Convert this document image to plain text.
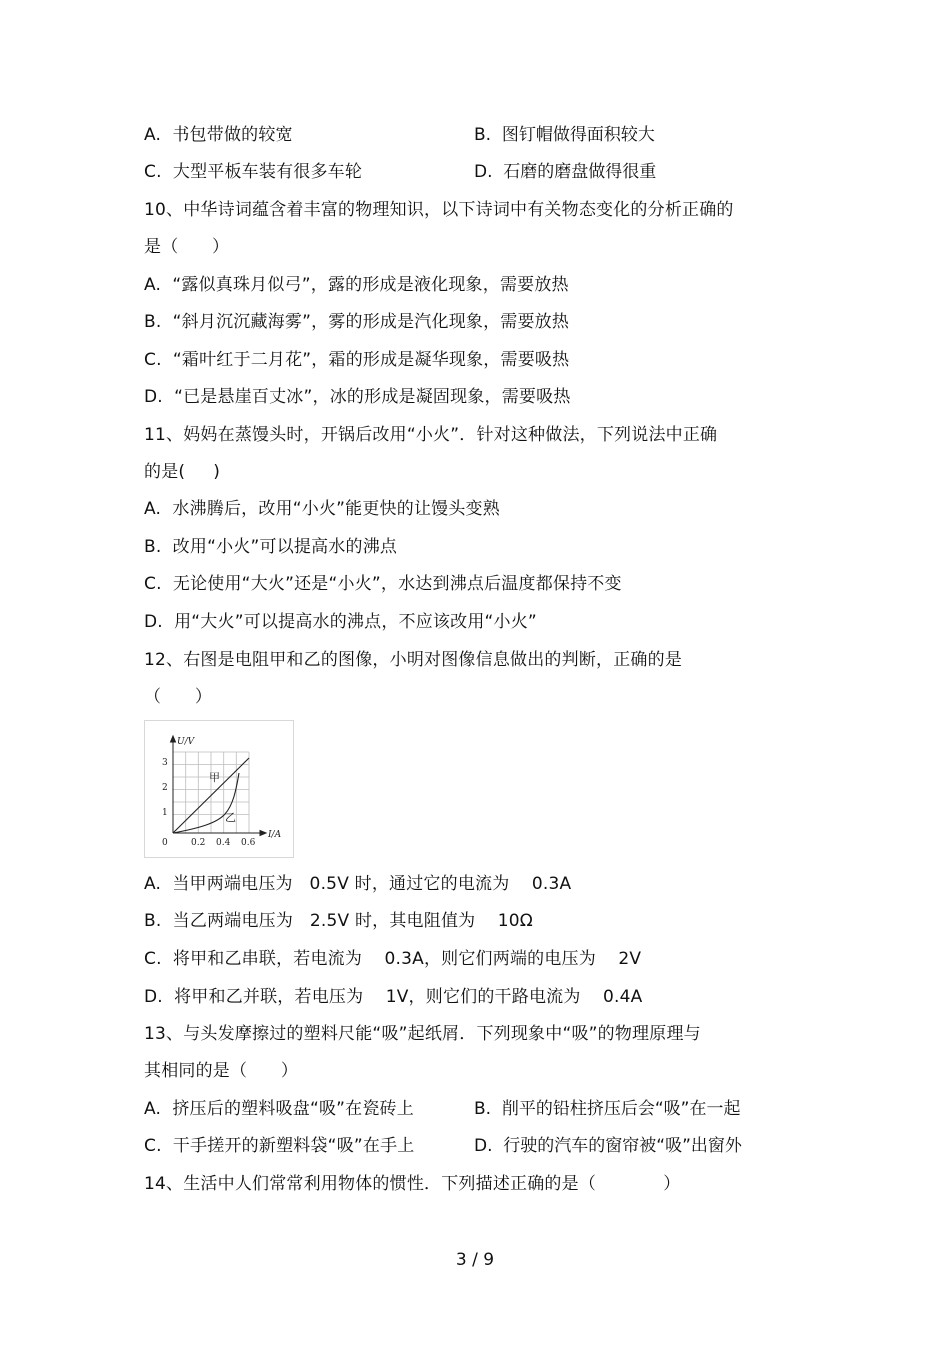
A.  书包带做的较宽	B.  图钉帽做得面积较大
C.  大型平板车装有很多车轮	D.  石磨的磨盘做得很重
10、中华诗词蕴含着丰富的物理知识，以下诗词中有关物态变化的分析正确的
是（      ）
A.  “露似真珠月似弓”，露的形成是液化现象，需要放热
B.  “斜月沉沉藏海雾”，雾的形成是汽化现象，需要放热
C.  “霜叶红于二月花”，霜的形成是凝华现象，需要吸热
D.  “已是悬崖百丈冰”，冰的形成是凝固现象，需要吸热
11、妈妈在蒸馒头时，开锅后改用“小火”．针对这种做法，下列说法中正确
的是(     )
A.  水沸腾后，改用“小火”能更快的让馒头变熟
B.  改用“小火”可以提高水的沸点
C.  无论使用“大火”还是“小火”，水达到沸点后温度都保持不变
D.  用“大火”可以提高水的沸点，不应该改用“小火”
12、右图是电阻甲和乙的图像，小明对图像信息做出的判断，正确的是
（      ）
U/V
I/A
3
2
1
0	0.2 0.4 0.6
甲
乙
A.  当甲两端电压为   0.5V 时，通过它的电流为    0.3A
B.  当乙两端电压为   2.5V 时，其电阻值为    10Ω
C.  将甲和乙串联，若电流为    0.3A，则它们两端的电压为    2V
D.  将甲和乙并联，若电压为    1V，则它们的干路电流为    0.4A
13、与头发摩擦过的塑料尺能“吸”起纸屑．下列现象中“吸”的物理原理与
其相同的是（      ）
A.  挤压后的塑料吸盘“吸”在瓷砖上	B.  削平的铅柱挤压后会“吸”在一起
C.  干手搓开的新塑料袋“吸”在手上	D.  行驶的汽车的窗帘被“吸”出窗外
14、生活中人们常常利用物体的惯性．下列描述正确的是（            ）
3 / 9
